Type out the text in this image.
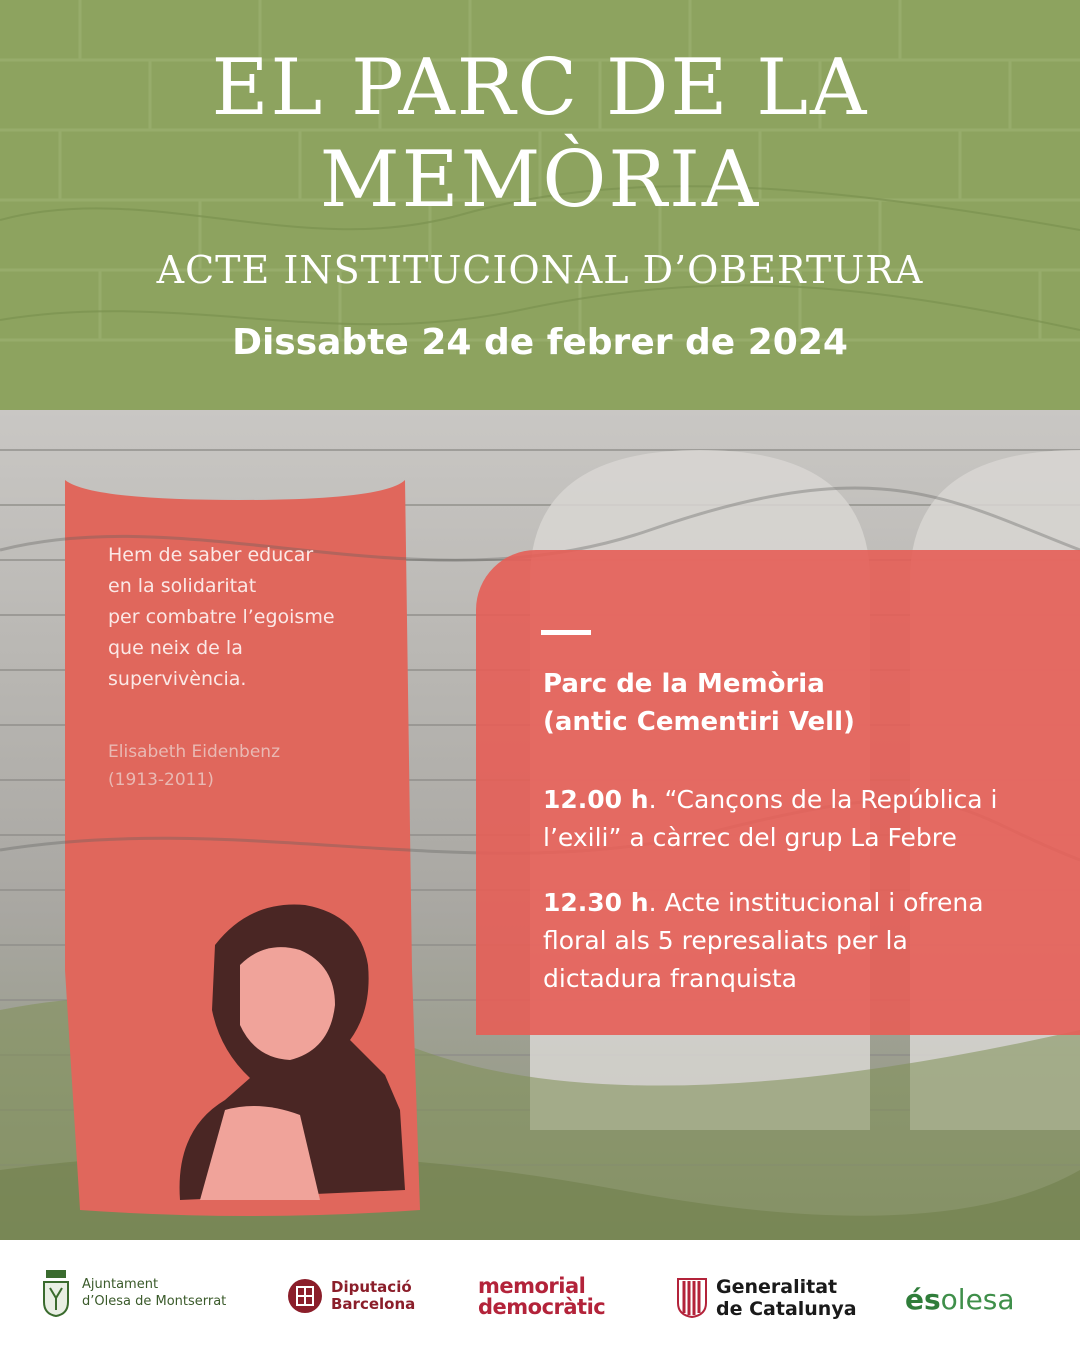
EL PARC DE LA
MEMÒRIA
ACTE INSTITUCIONAL D’OBERTURA
Dissabte 24 de febrer de 2024
Hem de saber educar
en la solidaritat
per combatre l’egoisme
que neix de la
supervivència.
Elisabeth Eidenbenz
(1913-2011)
Parc de la Memòria
(antic Cementiri Vell)
12.00 h. “Cançons de la República i
l’exili” a càrrec del grup La Febre
12.30 h. Acte institucional i ofrena
floral als 5 represaliats per la
dictadura franquista
Ajuntament
d’Olesa de Montserrat
Diputació
Barcelona
memorial
democràtic
Generalitat
de Catalunya és olesa
